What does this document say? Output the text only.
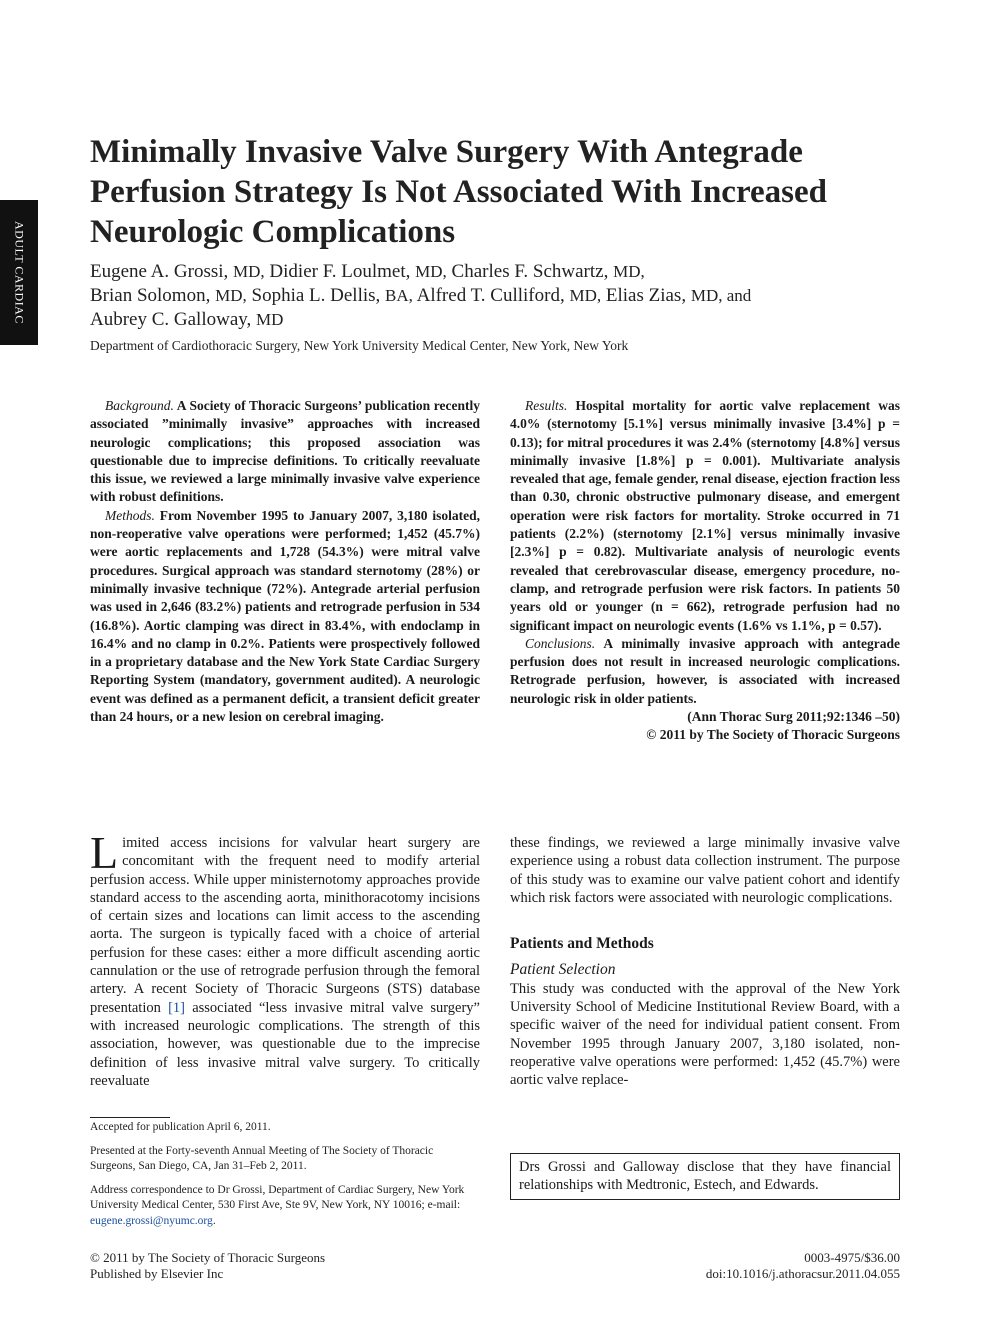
ADULT CARDIAC
Minimally Invasive Valve Surgery With Antegrade Perfusion Strategy Is Not Associated With Increased Neurologic Complications
Eugene A. Grossi, MD, Didier F. Loulmet, MD, Charles F. Schwartz, MD,
Brian Solomon, MD, Sophia L. Dellis, BA, Alfred T. Culliford, MD, Elias Zias, MD, and
Aubrey C. Galloway, MD
Department of Cardiothoracic Surgery, New York University Medical Center, New York, New York

Background. A Society of Thoracic Surgeons’ publication recently associated ”minimally invasive” approaches with increased neurologic complications; this proposed association was questionable due to imprecise definitions. To critically reevaluate this issue, we reviewed a large minimally invasive valve experience with robust definitions.

Methods. From November 1995 to January 2007, 3,180 isolated, non-reoperative valve operations were performed; 1,452 (45.7%) were aortic replacements and 1,728 (54.3%) were mitral valve procedures. Surgical approach was standard sternotomy (28%) or minimally invasive technique (72%). Antegrade arterial perfusion was used in 2,646 (83.2%) patients and retrograde perfusion in 534 (16.8%). Aortic clamping was direct in 83.4%, with endoclamp in 16.4% and no clamp in 0.2%. Patients were prospectively followed in a proprietary database and the New York State Cardiac Surgery Reporting System (mandatory, government audited). A neurologic event was defined as a permanent deficit, a transient deficit greater than 24 hours, or a new lesion on cerebral imaging.

Results. Hospital mortality for aortic valve replacement was 4.0% (sternotomy [5.1%] versus minimally invasive [3.4%] p = 0.13); for mitral procedures it was 2.4% (sternotomy [4.8%] versus minimally invasive [1.8%] p = 0.001). Multivariate analysis revealed that age, female gender, renal disease, ejection fraction less than 0.30, chronic obstructive pulmonary disease, and emergent operation were risk factors for mortality. Stroke occurred in 71 patients (2.2%) (sternotomy [2.1%] versus minimally invasive [2.3%] p = 0.82). Multivariate analysis of neurologic events revealed that cerebrovascular disease, emergency procedure, no-clamp, and retrograde perfusion were risk factors. In patients 50 years old or younger (n = 662), retrograde perfusion had no significant impact on neurologic events (1.6% vs 1.1%, p = 0.57).

Conclusions. A minimally invasive approach with antegrade perfusion does not result in increased neurologic complications. Retrograde perfusion, however, is associated with increased neurologic risk in older patients.

(Ann Thorac Surg 2011;92:1346 –50)
© 2011 by The Society of Thoracic Surgeons

Limited access incisions for valvular heart surgery are concomitant with the frequent need to modify arterial perfusion access. While upper ministernotomy approaches provide standard access to the ascending aorta, minithoracotomy incisions of certain sizes and locations can limit access to the ascending aorta. The surgeon is typically faced with a choice of arterial perfusion for these cases: either a more difficult ascending aortic cannulation or the use of retrograde perfusion through the femoral artery. A recent Society of Thoracic Surgeons (STS) database presentation [1] associated “less invasive mitral valve surgery” with increased neurologic complications. The strength of this association, however, was questionable due to the imprecise definition of less invasive mitral valve surgery. To critically reevaluate

these findings, we reviewed a large minimally invasive valve experience using a robust data collection instrument. The purpose of this study was to examine our valve patient cohort and identify which risk factors were associated with neurologic complications.

Patients and Methods

Patient Selection

This study was conducted with the approval of the New York University School of Medicine Institutional Review Board, with a specific waiver of the need for individual patient consent. From November 1995 through January 2007, 3,180 isolated, non-reoperative valve operations were performed: 1,452 (45.7%) were aortic valve replace-

Accepted for publication April 6, 2011.

Presented at the Forty-seventh Annual Meeting of The Society of Thoracic Surgeons, San Diego, CA, Jan 31–Feb 2, 2011.

Address correspondence to Dr Grossi, Department of Cardiac Surgery, New York University Medical Center, 530 First Ave, Ste 9V, New York, NY 10016; e-mail: eugene.grossi@nyumc.org.

Drs Grossi and Galloway disclose that they have financial relationships with Medtronic, Estech, and Edwards.
© 2011 by The Society of Thoracic Surgeons
Published by Elsevier Inc
0003-4975/$36.00
doi:10.1016/j.athoracsur.2011.04.055
